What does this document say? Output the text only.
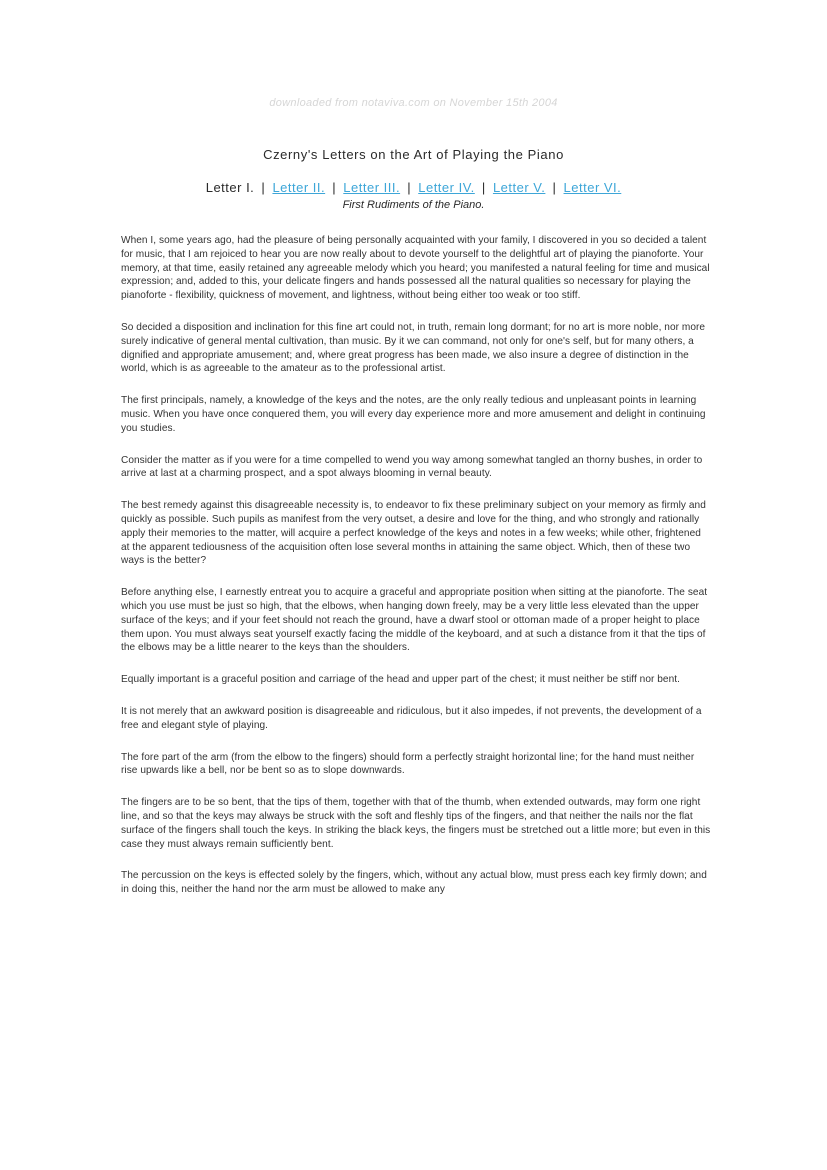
downloaded from notaviva.com on November 15th 2004
Czerny's Letters on the Art of Playing the Piano
Letter I. | Letter II. | Letter III. | Letter IV. | Letter V. | Letter VI.
First Rudiments of the Piano.

When I, some years ago, had the pleasure of being personally acquainted with your family, I discovered in you so decided a talent for music, that I am rejoiced to hear you are now really about to devote yourself to the delightful art of playing the pianoforte. Your memory, at that time, easily retained any agreeable melody which you heard; you manifested a natural feeling for time and musical expression; and, added to this, your delicate fingers and hands possessed all the natural qualities so necessary for playing the pianoforte - flexibility, quickness of movement, and lightness, without being either too weak or too stiff.

So decided a disposition and inclination for this fine art could not, in truth, remain long dormant; for no art is more noble, nor more surely indicative of general mental cultivation, than music. By it we can command, not only for one's self, but for many others, a dignified and appropriate amusement; and, where great progress has been made, we also insure a degree of distinction in the world, which is as agreeable to the amateur as to the professional artist.

The first principals, namely, a knowledge of the keys and the notes, are the only really tedious and unpleasant points in learning music. When you have once conquered them, you will every day experience more and more amusement and delight in continuing you studies.

Consider the matter as if you were for a time compelled to wend you way among somewhat tangled an thorny bushes, in order to arrive at last at a charming prospect, and a spot always blooming in vernal beauty.

The best remedy against this disagreeable necessity is, to endeavor to fix these preliminary subject on your memory as firmly and quickly as possible. Such pupils as manifest from the very outset, a desire and love for the thing, and who strongly and rationally apply their memories to the matter, will acquire a perfect knowledge of the keys and notes in a few weeks; while other, frightened at the apparent tediousness of the acquisition often lose several months in attaining the same object. Which, then of these two ways is the better?

Before anything else, I earnestly entreat you to acquire a graceful and appropriate position when sitting at the pianoforte. The seat which you use must be just so high, that the elbows, when hanging down freely, may be a very little less elevated than the upper surface of the keys; and if your feet should not reach the ground, have a dwarf stool or ottoman made of a proper height to place them upon. You must always seat yourself exactly facing the middle of the keyboard, and at such a distance from it that the tips of the elbows may be a little nearer to the keys than the shoulders.

Equally important is a graceful position and carriage of the head and upper part of the chest; it must neither be stiff nor bent.

It is not merely that an awkward position is disagreeable and ridiculous, but it also impedes, if not prevents, the development of a free and elegant style of playing.

The fore part of the arm (from the elbow to the fingers) should form a perfectly straight horizontal line; for the hand must neither rise upwards like a bell, nor be bent so as to slope downwards.

The fingers are to be so bent, that the tips of them, together with that of the thumb, when extended outwards, may form one right line, and so that the keys may always be struck with the soft and fleshly tips of the fingers, and that neither the nails nor the flat surface of the fingers shall touch the keys. In striking the black keys, the fingers must be stretched out a little more; but even in this case they must always remain sufficiently bent.

The percussion on the keys is effected solely by the fingers, which, without any actual blow, must press each key firmly down; and in doing this, neither the hand nor the arm must be allowed to make any
